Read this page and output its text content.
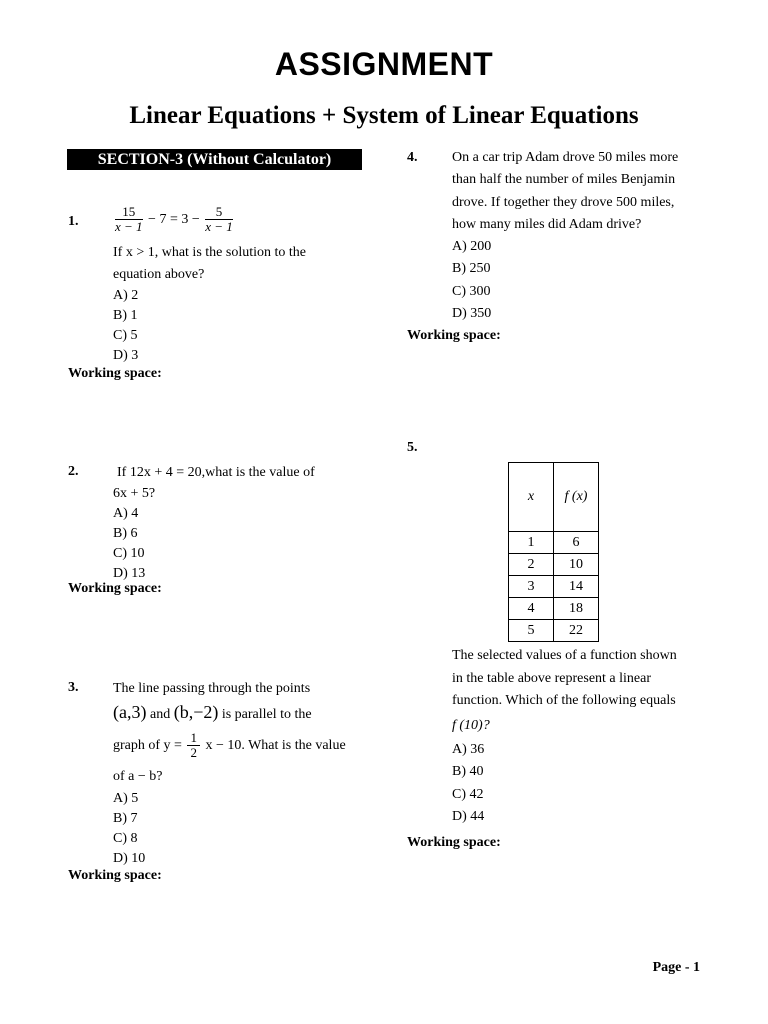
ASSIGNMENT
Linear Equations + System of Linear Equations
SECTION-3 (Without Calculator)
1.	$\frac{15}{x - 1} - 7 = 3 - \frac{5}{x - 1}$
If x > 1, what is the solution to the
equation above?
A) 2
B) 1
C) 5
D) 3
Working space:
2.	If 12x + 4 = 20,what is the value of
6x + 5?
A) 4
B) 6
C) 10
D) 13
Working space:
3. The line passing through the points
(a,3) and (b,−2) is parallel to the
graph of $y = \frac{1}{2}$ x − 10. What is the value
of a − b?
A) 5
B) 7
C) 8
D) 10
Working space:
4. On a car trip Adam drove 50 miles more
than half the number of miles Benjamin
drove. If together they drove 500 miles,
how many miles did Adam drive?
A) 200
B) 250
C) 300
D) 350
Working space:
5.
x	f (x)
1	6
2	10
3	14
4	18
5	22
The selected values of a function shown
in the table above represent a linear
function. Which of the following equals
f (10)?
A) 36
B) 40
C) 42
D) 44
Working space:
Page - 1
